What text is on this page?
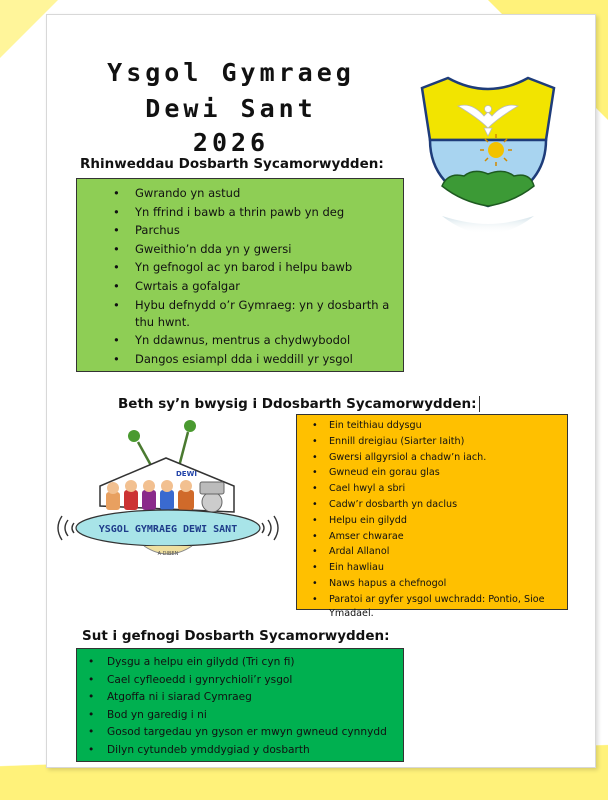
Ysgol Gymraeg
Dewi Sant
2026
Rhinweddau Dosbarth Sycamorwydden:
• Gwrando yn astud
• Yn ffrind i bawb a thrin pawb yn deg
• Parchus
• Gweithio’n dda yn y gwersi
• Yn gefnogol ac yn barod i helpu bawb
• Cwrtais a gofalgar
• Hybu defnydd o’r Gymraeg: yn y dosbarth a thu hwnt.
• Yn ddawnus, mentrus a chydwybodol
• Dangos esiampl dda i weddill yr ysgol
Beth sy’n bwysig i Ddosbarth Sycamorwydden:
DEWI
YSGOL GYMRAEG DEWI SANT
A DIBEN
• Ein teithiau ddysgu
• Ennill dreigiau (Siarter Iaith)
• Gwersi allgyrsiol a chadw’n iach.
• Gwneud ein gorau glas
• Cael hwyl a sbri
• Cadw’r dosbarth yn daclus
• Helpu ein gilydd
• Amser chwarae
• Ardal Allanol
• Ein hawliau
• Naws hapus a chefnogol
• Paratoi ar gyfer ysgol uwchradd: Pontio, Sioe Ymadael.
Sut i gefnogi Dosbarth Sycamorwydden:
• Dysgu a helpu ein gilydd (Tri cyn fi)
• Cael cyfleoedd i gynrychioli’r ysgol
• Atgoffa ni i siarad Cymraeg
• Bod yn garedig i ni
• Gosod targedau yn gyson er mwyn gwneud cynnydd
• Dilyn cytundeb ymddygiad y dosbarth
